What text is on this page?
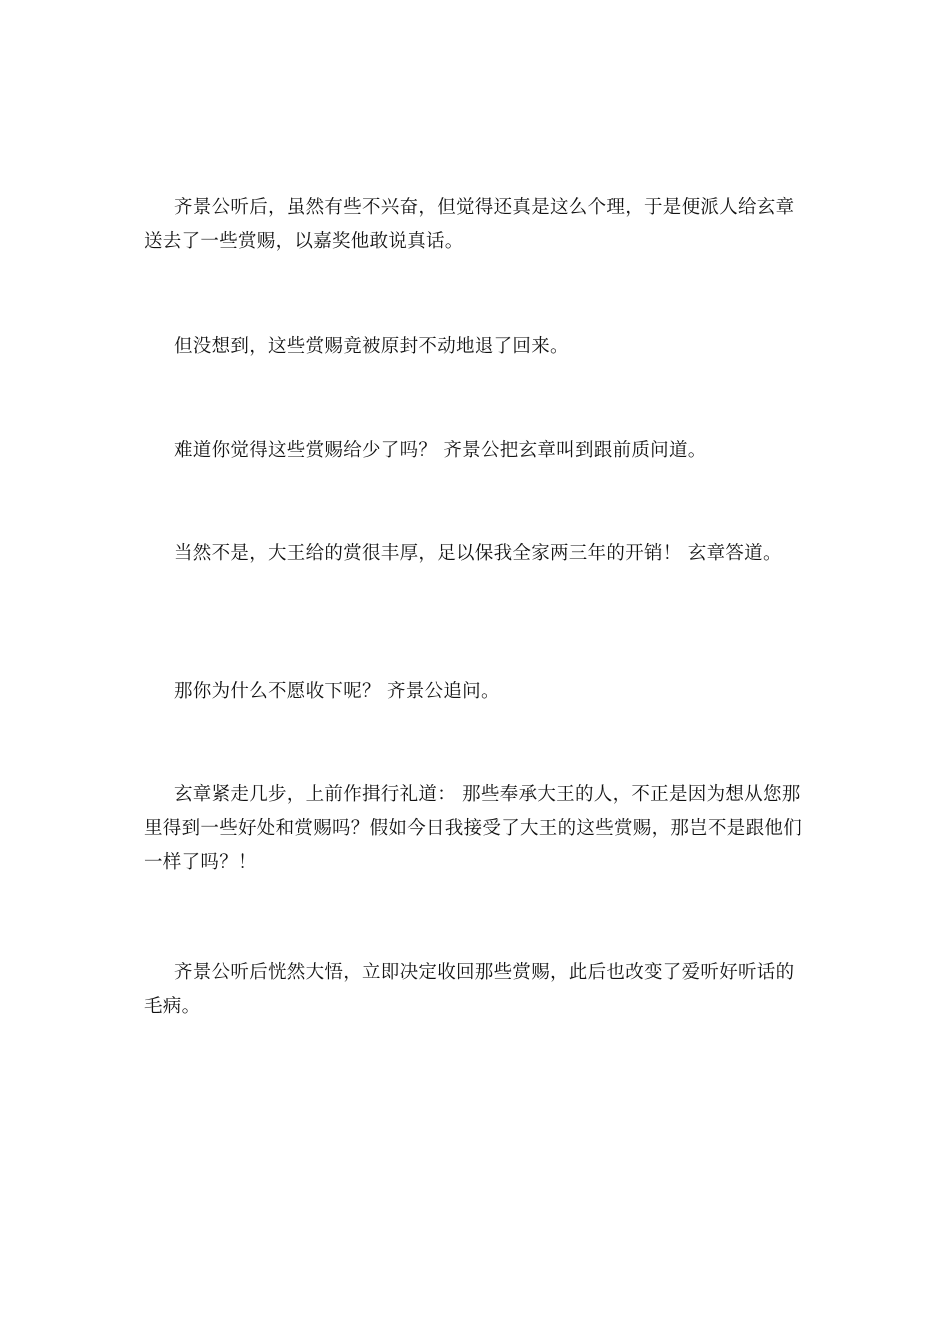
齐景公听后，虽然有些不兴奋，但觉得还真是这么个理，于是便派人给玄章送去了一些赏赐，以嘉奖他敢说真话。

但没想到，这些赏赐竟被原封不动地退了回来。

难道你觉得这些赏赐给少了吗？ 齐景公把玄章叫到跟前质问道。

当然不是，大王给的赏很丰厚，足以保我全家两三年的开销！ 玄章答道。

那你为什么不愿收下呢？ 齐景公追问。

玄章紧走几步，上前作揖行礼道： 那些奉承大王的人，不正是因为想从您那里得到一些好处和赏赐吗？假如今日我接受了大王的这些赏赐，那岂不是跟他们一样了吗？！

齐景公听后恍然大悟，立即决定收回那些赏赐，此后也改变了爱听好听话的毛病。
